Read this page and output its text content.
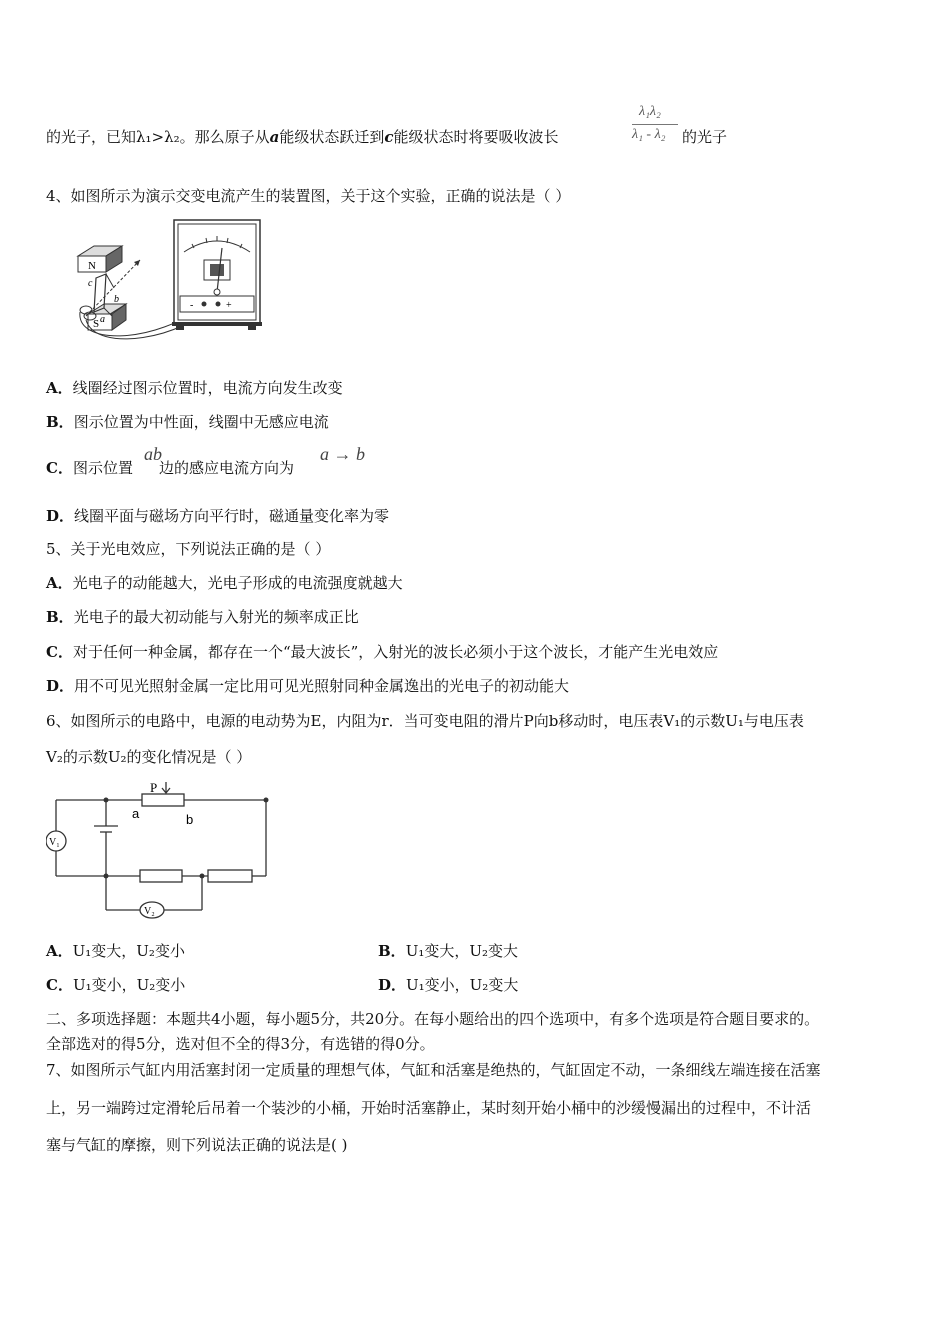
的光子，已知λ₁>λ₂。那么原子从a能级状态跃迁到c能级状态时将要吸收波长
λ₁λ₂
λ₁ - λ₂ 的光子
4、如图所示为演示交变电流产生的装置图，关于这个实验，正确的说法是（ ）
N
S
c
b
a
-	+
A．线圈经过图示位置时，电流方向发生改变
B．图示位置为中性面，线圈中无感应电流
C．图示位置 边的感应电流方向为
ab	a → b
D．线圈平面与磁场方向平行时，磁通量变化率为零
5、关于光电效应，下列说法正确的是（ ）
A．光电子的动能越大，光电子形成的电流强度就越大
B．光电子的最大初动能与入射光的频率成正比
C．对于任何一种金属，都存在一个“最大波长”，入射光的波长必须小于这个波长，才能产生光电效应
D．用不可见光照射金属一定比用可见光照射同种金属逸出的光电子的初动能大
6、如图所示的电路中，电源的电动势为E，内阻为r．当可变电阻的滑片P向b移动时，电压表V₁的示数U₁与电压表
V₂的示数U₂的变化情况是（ ）
P
a	b
V₁
V₂
A．U₁变大，U₂变小	B．U₁变大，U₂变大
C．U₁变小，U₂变小	D．U₁变小，U₂变大
二、多项选择题：本题共4小题，每小题5分，共20分。在每小题给出的四个选项中，有多个选项是符合题目要求的。
全部选对的得5分，选对但不全的得3分，有选错的得0分。
7、如图所示气缸内用活塞封闭一定质量的理想气体，气缸和活塞是绝热的，气缸固定不动，一条细线左端连接在活塞
上，另一端跨过定滑轮后吊着一个装沙的小桶，开始时活塞静止，某时刻开始小桶中的沙缓慢漏出的过程中，不计活
塞与气缸的摩擦，则下列说法正确的说法是( )
